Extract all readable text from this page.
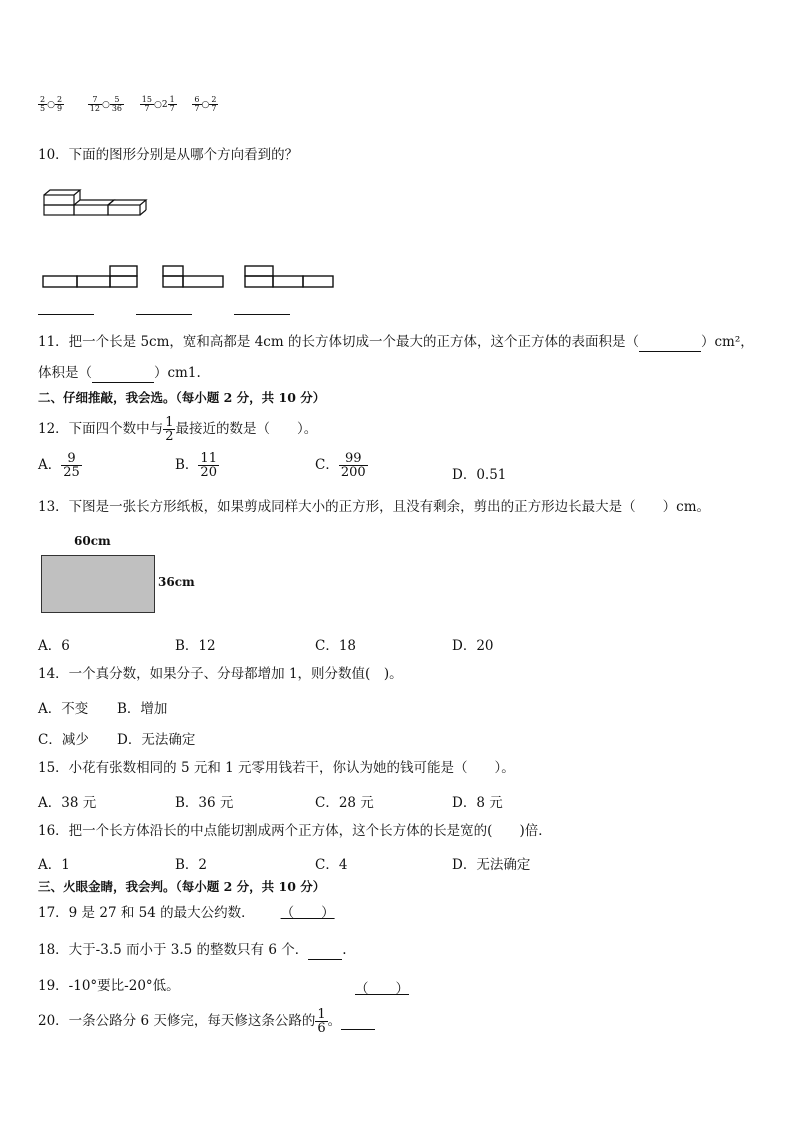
$\frac{2}{5}$ ○ $\frac{2}{9}$
	$\frac{7}{12}$ ○ $\frac{5}{36}$
$\frac{15}{7}$ ○2 $\frac{1}{7}$
$\frac{6}{7}$ ○ $\frac{2}{7}$
10．下面的图形分别是从哪个方向看到的？
11．把一个长是 5cm，宽和高都是 4cm 的长方体切成一个最大的正方体，这个正方体的表面积是（	）cm²，
体积是（	）cm1.
二、仔细推敲，我会选。（每小题 2 分，共 10 分）
12．下面四个数中与 $\frac{1}{2}$ 最接近的数是（　　）。
A． $\frac{9}{25}$	B． $\frac{11}{20}$	C． $\frac{99}{200}$	D．0.51
13．下图是一张长方形纸板，如果剪成同样大小的正方形，且没有剩余，剪出的正方形边长最大是（　　）cm。
60cm
36cm
A．6	B．12	C．18	D．20
14．一个真分数，如果分子、分母都增加 1，则分数值(　)。
A．不变 B．增加
C．减少 D．无法确定
15．小花有张数相同的 5 元和 1 元零用钱若干，你认为她的钱可能是（　　）。
A．38 元	B．36 元	C．28 元	D．8 元
16．把一个长方体沿长的中点能切割成两个正方体，这个长方体的长是宽的(　　)倍．
A．1	B．2	C．4	D．无法确定
三、火眼金睛，我会判。（每小题 2 分，共 10 分）
17．9 是 27 和 54 的最大公约数． （　　）
18．大于-3.5 而小于 3.5 的整数只有 6 个．	.
19．-10°要比-20°低。	（　　）
20．一条公路分 6 天修完，每天修这条公路的 $\frac{1}{6}$ 。
